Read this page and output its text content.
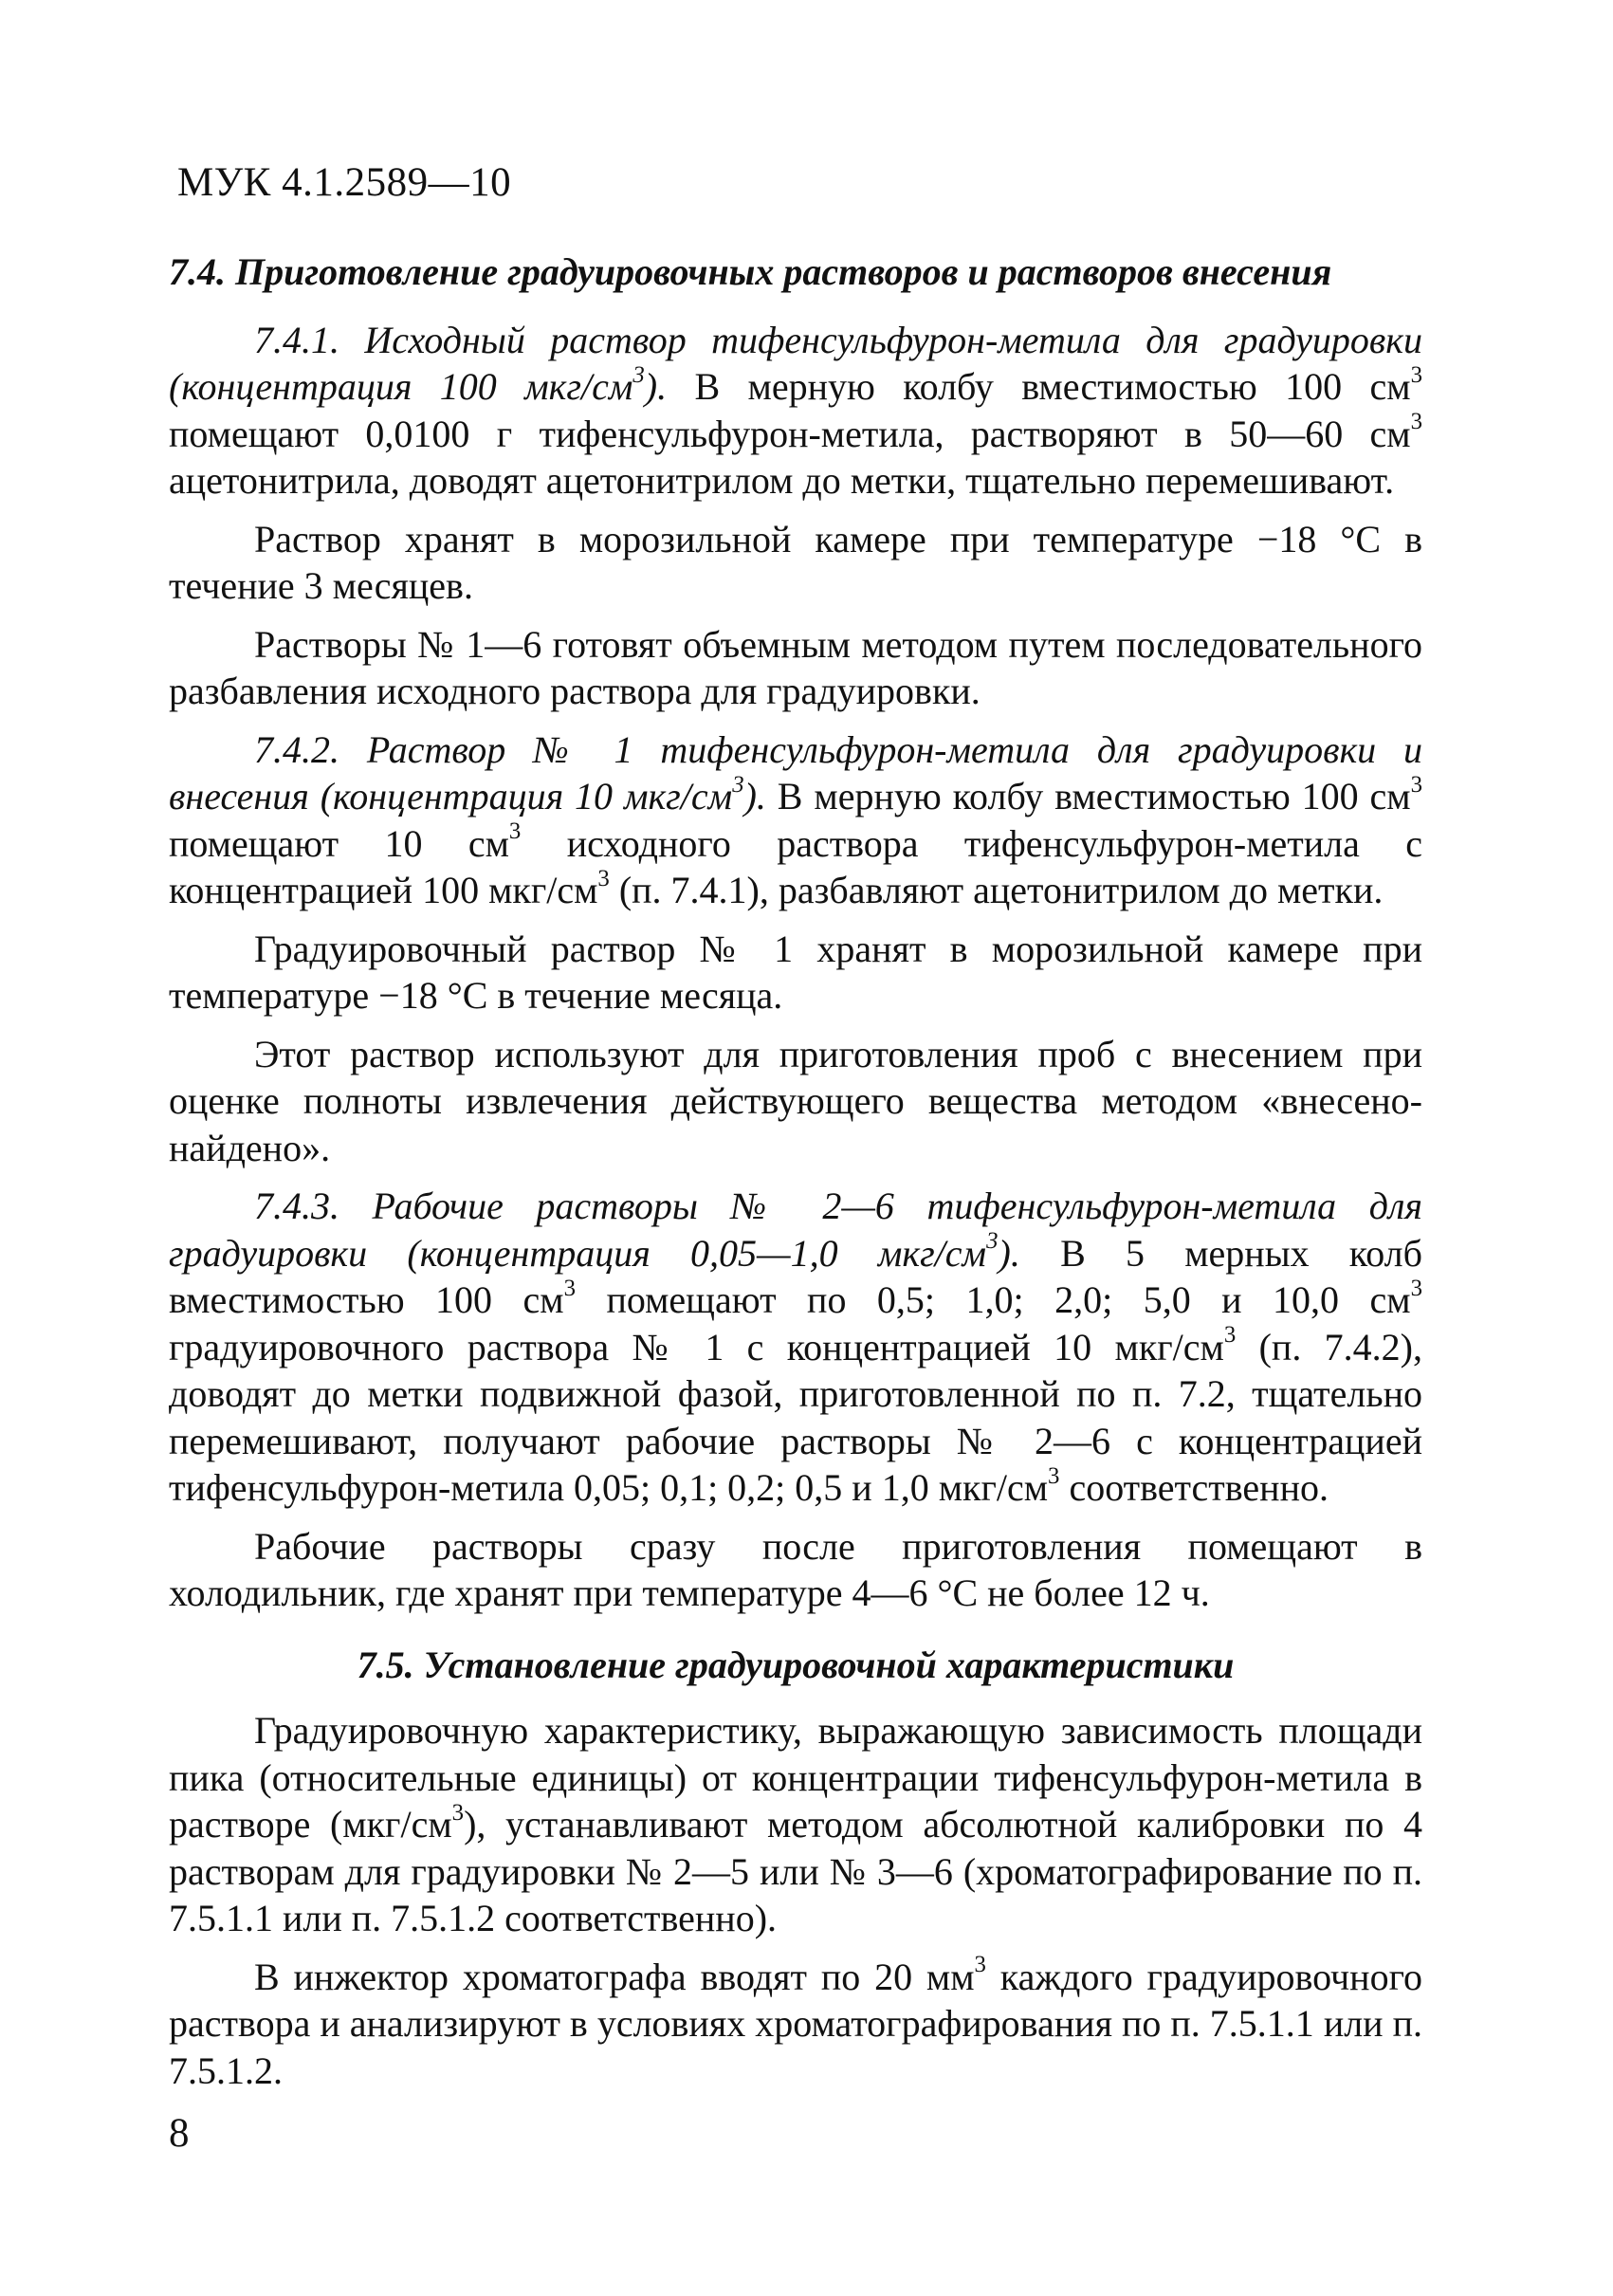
МУК 4.1.2589—10
7.4. Приготовление градуировочных растворов и растворов внесения

7.4.1. Исходный раствор тифенсульфурон-метила для градуировки (концентрация 100 мкг/$см^3$). В мерную колбу вместимостью 100 $см^3$ помещают 0,0100 г тифенсульфурон-метила, растворяют в 50—60 $см^3$ ацетонитрила, доводят ацетонитрилом до метки, тщательно перемешивают.

Раствор хранят в морозильной камере при температуре −18 °С в течение 3 месяцев.

Растворы № 1—6 готовят объемным методом путем последовательного разбавления исходного раствора для градуировки.

7.4.2. Раствор № 1 тифенсульфурон-метила для градуировки и внесения (концентрация 10 мкг/$см^3$). В мерную колбу вместимостью 100 $см^3$ помещают 10 $см^3$ исходного раствора тифенсульфурон-метила с концентрацией 100 мкг/$см^3$ (п. 7.4.1), разбавляют ацетонитрилом до метки.

Градуировочный раствор № 1 хранят в морозильной камере при температуре −18 °С в течение месяца.

Этот раствор используют для приготовления проб с внесением при оценке полноты извлечения действующего вещества методом «внесено-найдено».

7.4.3. Рабочие растворы № 2—6 тифенсульфурон-метила для градуировки (концентрация 0,05—1,0 мкг/$см^3$). В 5 мерных колб вместимостью 100 $см^3$ помещают по 0,5; 1,0; 2,0; 5,0 и 10,0 $см^3$ градуировочного раствора № 1 с концентрацией 10 мкг/$см^3$ (п. 7.4.2), доводят до метки подвижной фазой, приготовленной по п. 7.2, тщательно перемешивают, получают рабочие растворы № 2—6 с концентрацией тифенсульфурон-метила 0,05; 0,1; 0,2; 0,5 и 1,0 мкг/$см^3$ соответственно.

Рабочие растворы сразу после приготовления помещают в холодильник, где хранят при температуре 4—6 °С не более 12 ч.

7.5. Установление градуировочной характеристики

Градуировочную характеристику, выражающую зависимость площади пика (относительные единицы) от концентрации тифенсульфурон-метила в растворе $(мкг/см^3)$, устанавливают методом абсолютной калибровки по 4 растворам для градуировки № 2—5 или № 3—6 (хроматографирование по п. 7.5.1.1 или п. 7.5.1.2 соответственно).

В инжектор хроматографа вводят по 20 $мм^3$ каждого градуировочного раствора и анализируют в условиях хроматографирования по п. 7.5.1.1 или п. 7.5.1.2.

8
